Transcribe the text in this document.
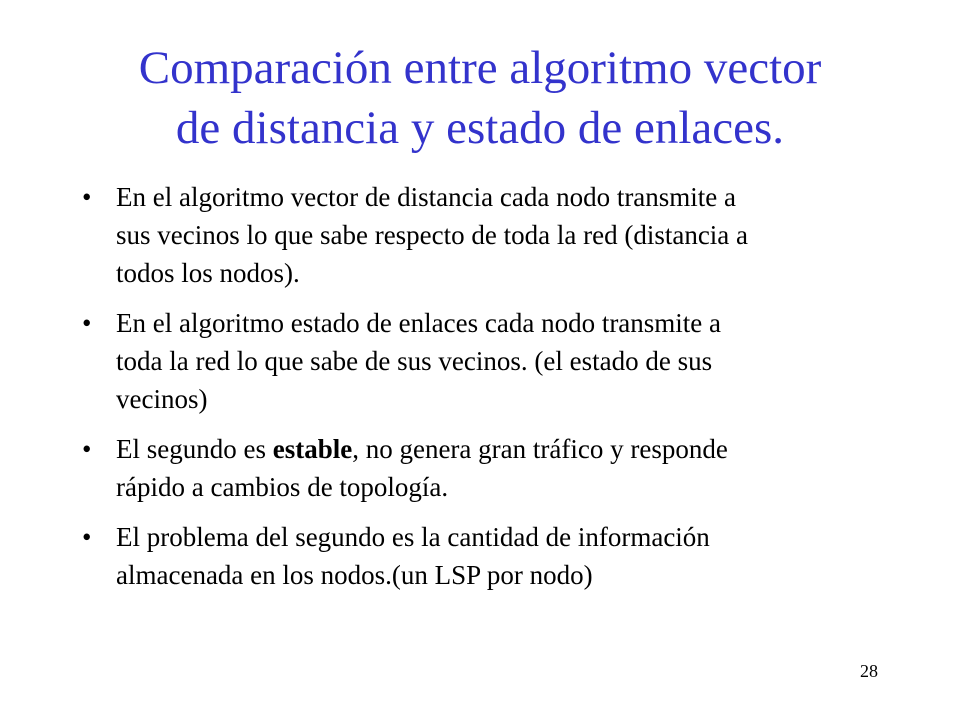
Comparación entre algoritmo vector
de distancia y estado de enlaces.
• En el algoritmo vector de distancia cada nodo transmite a
sus vecinos lo que sabe respecto de toda la red (distancia a
todos los nodos).
• En el algoritmo estado de enlaces cada nodo transmite a
toda la red lo que sabe de sus vecinos. (el estado de sus
vecinos)
• El segundo es estable, no genera gran tráfico y responde
rápido a cambios de topología.
• El problema del segundo es la cantidad de información
almacenada en los nodos.(un LSP por nodo)
28
